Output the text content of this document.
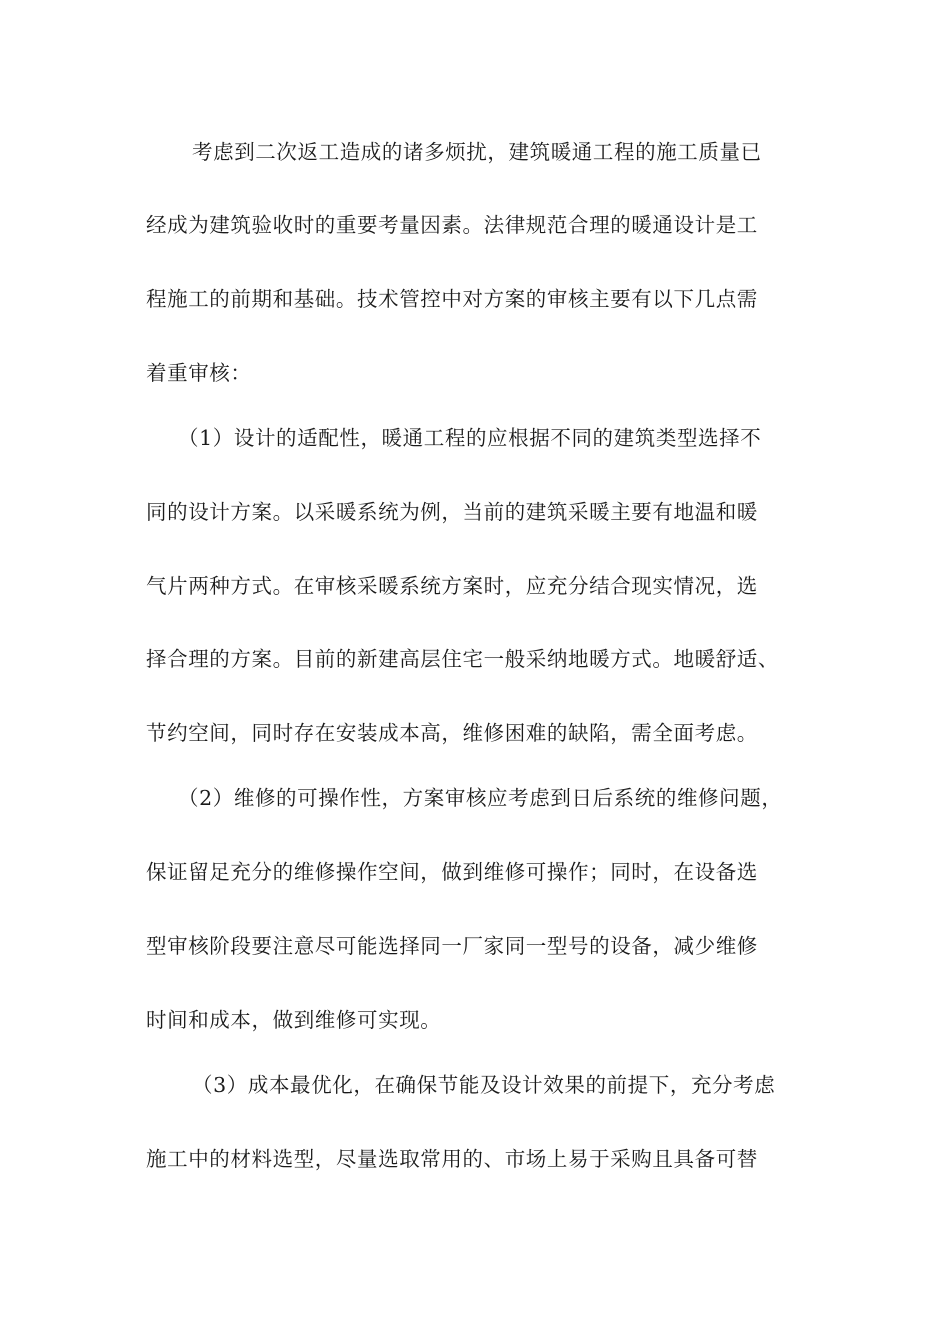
考虑到二次返工造成的诸多烦扰，建筑暖通工程的施工质量已
经成为建筑验收时的重要考量因素。法律规范合理的暖通设计是工
程施工的前期和基础。技术管控中对方案的审核主要有以下几点需
着重审核：
（1）设计的适配性，暖通工程的应根据不同的建筑类型选择不
同的设计方案。以采暖系统为例，当前的建筑采暖主要有地温和暖
气片两种方式。在审核采暖系统方案时，应充分结合现实情况，选
择合理的方案。目前的新建高层住宅一般采纳地暖方式。地暖舒适、
节约空间，同时存在安装成本高，维修困难的缺陷，需全面考虑。
（2）维修的可操作性，方案审核应考虑到日后系统的维修问题，
保证留足充分的维修操作空间，做到维修可操作；同时，在设备选
型审核阶段要注意尽可能选择同一厂家同一型号的设备，减少维修
时间和成本，做到维修可实现。
（3）成本最优化，在确保节能及设计效果的前提下，充分考虑
施工中的材料选型，尽量选取常用的、市场上易于采购且具备可替
